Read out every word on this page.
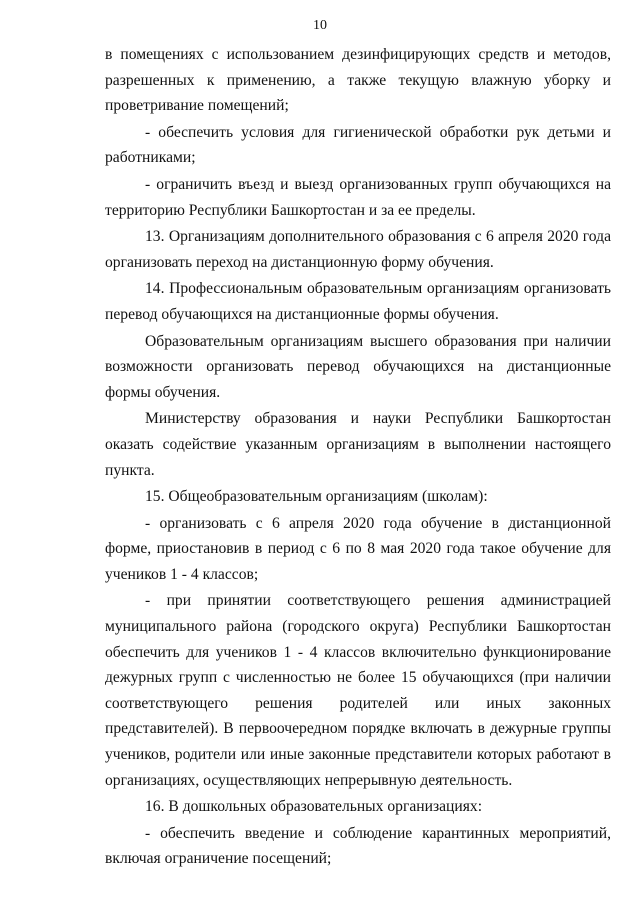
10

в помещениях с использованием дезинфицирующих средств и методов, разрешенных к применению, а также текущую влажную уборку и проветривание помещений;

- обеспечить условия для гигиенической обработки рук детьми и работниками;

- ограничить въезд и выезд организованных групп обучающихся на территорию Республики Башкортостан и за ее пределы.

13. Организациям дополнительного образования с 6 апреля 2020 года организовать переход на дистанционную форму обучения.

14. Профессиональным образовательным организациям организовать перевод обучающихся на дистанционные формы обучения.

Образовательным организациям высшего образования при наличии возможности организовать перевод обучающихся на дистанционные формы обучения.

Министерству образования и науки Республики Башкортостан оказать содействие указанным организациям в выполнении настоящего пункта.

15. Общеобразовательным организациям (школам):

- организовать с 6 апреля 2020 года обучение в дистанционной форме, приостановив в период с 6 по 8 мая 2020 года такое обучение для учеников 1 - 4 классов;

- при принятии соответствующего решения администрацией муниципального района (городского округа) Республики Башкортостан обеспечить для учеников 1 - 4 классов включительно функционирование дежурных групп с численностью не более 15 обучающихся (при наличии соответствующего решения родителей или иных законных представителей). В первоочередном порядке включать в дежурные группы учеников, родители или иные законные представители которых работают в организациях, осуществляющих непрерывную деятельность.

16. В дошкольных образовательных организациях:

- обеспечить введение и соблюдение карантинных мероприятий, включая ограничение посещений;
